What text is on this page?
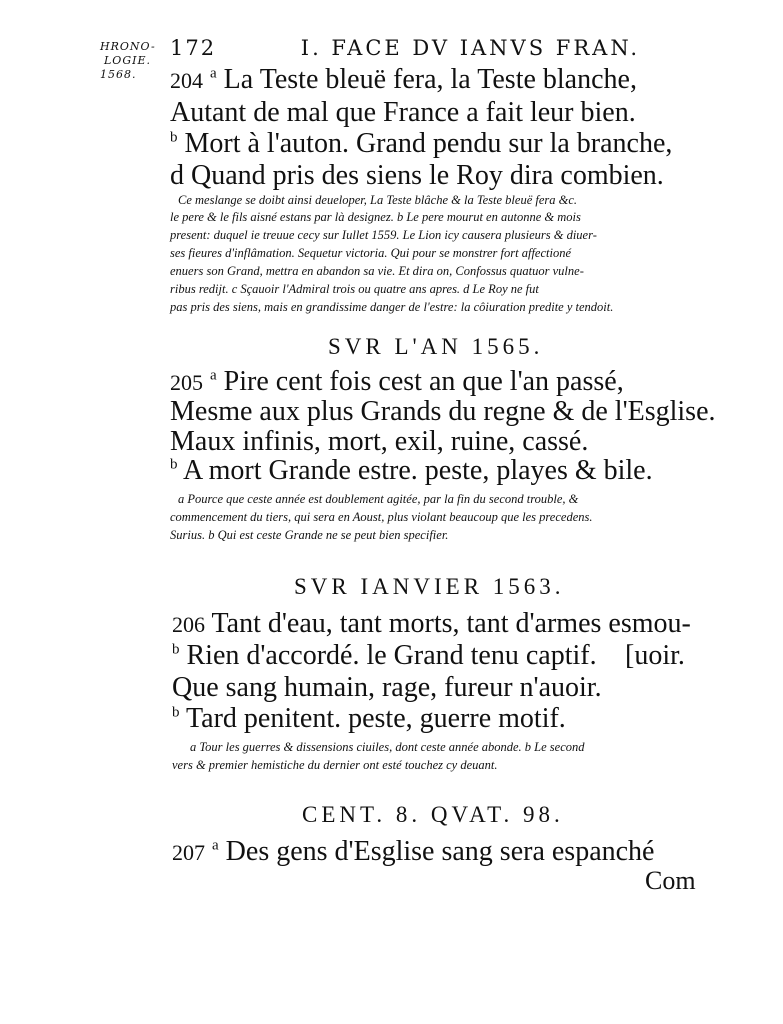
HRONO-
LOGIE.
1568.
172	I. FACE DV IANVS FRAN.
204 $^a$ La Teste bleuë fera, la Teste blanche,
Autant de mal que France a fait leur bien.
$^b$ Mort à l'auton. Grand pendu sur la branche,
d Quand pris des siens le Roy dira combien.
Ce meslange se doibt ainsi deueloper, La Teste blâche & la Teste bleuë fera &c.
le pere & le fils aisné estans par là designez. b Le pere mourut en autonne & mois
present: duquel ie treuue cecy sur Iullet 1559. Le Lion icy causera plusieurs & diuer-
ses fieures d'inflâmation. Sequetur victoria. Qui pour se monstrer fort affectioné
enuers son Grand, mettra en abandon sa vie. Et dira on, Confossus quatuor vulne-
ribus redijt. c Sçauoir l'Admiral trois ou quatre ans apres. d Le Roy ne fut
pas pris des siens, mais en grandissime danger de l'estre: la côiuration predite y tendoit.
SVR L'AN 1565.
205 $^a$ Pire cent fois cest an que l'an passé,
Mesme aux plus Grands du regne & de l'Esglise.
Maux infinis, mort, exil, ruine, cassé.
$^b$ A mort Grande estre. peste, playes & bile.
a Pource que ceste année est doublement agitée, par la fin du second trouble, &
commencement du tiers, qui sera en Aoust, plus violant beaucoup que les precedens.
Surius. b Qui est ceste Grande ne se peut bien specifier.
SVR IANVIER 1563.
206 Tant d'eau, tant morts, tant d'armes esmou-
$^b$ Rien d'accordé. le Grand tenu captif. [uoir.
Que sang humain, rage, fureur n'auoir.
$^b$ Tard penitent. peste, guerre motif.
a Tour les guerres & dissensions ciuiles, dont ceste année abonde. b Le second
vers & premier hemistiche du dernier ont esté touchez cy deuant.
CENT. 8. QVAT. 98.
207 $^a$ Des gens d'Esglise sang sera espanché
Com
